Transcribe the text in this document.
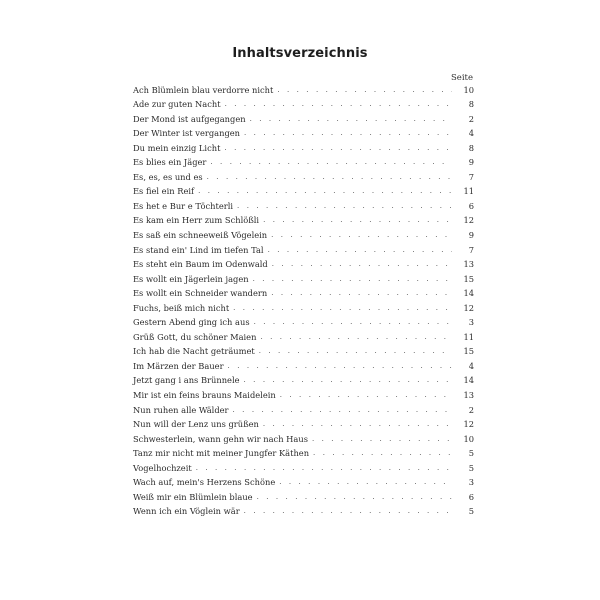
Inhaltsverzeichnis
Seite
Ach Blümlein blau verdorre nicht . . .	10
Ade zur guten Nacht . . .	8
Der Mond ist aufgegangen . . .	2
Der Winter ist vergangen . . .	4
Du mein einzig Licht . . .	8
Es blies ein Jäger . . .	9
Es, es, es und es . . .	7
Es fiel ein Reif . . .	11
Es het e Bur e Töchterli . . .	6
Es kam ein Herr zum Schlößli . . .	12
Es saß ein schneeweiß Vögelein . . .	9
Es stand ein' Lind im tiefen Tal . . .	7
Es steht ein Baum im Odenwald . . .	13
Es wollt ein Jägerlein jagen . . .	15
Es wollt ein Schneider wandern . . .	14
Fuchs, beiß mich nicht . . .	12
Gestern Abend ging ich aus . . .	3
Grüß Gott, du schöner Maien . . .	11
Ich hab die Nacht geträumet . . .	15
Im Märzen der Bauer . . .	4
Jetzt gang i ans Brünnele . . .	14
Mir ist ein feins brauns Maidelein . . .	13
Nun ruhen alle Wälder . . .	2
Nun will der Lenz uns grüßen . . .	12
Schwesterlein, wann gehn wir nach Haus . . .	10
Tanz mir nicht mit meiner Jungfer Käthen . . .	5
Vogelhochzeit . . .	5
Wach auf, mein's Herzens Schöne . . .	3
Weiß mir ein Blümlein blaue . . .	6
Wenn ich ein Vöglein wär . . .	5
